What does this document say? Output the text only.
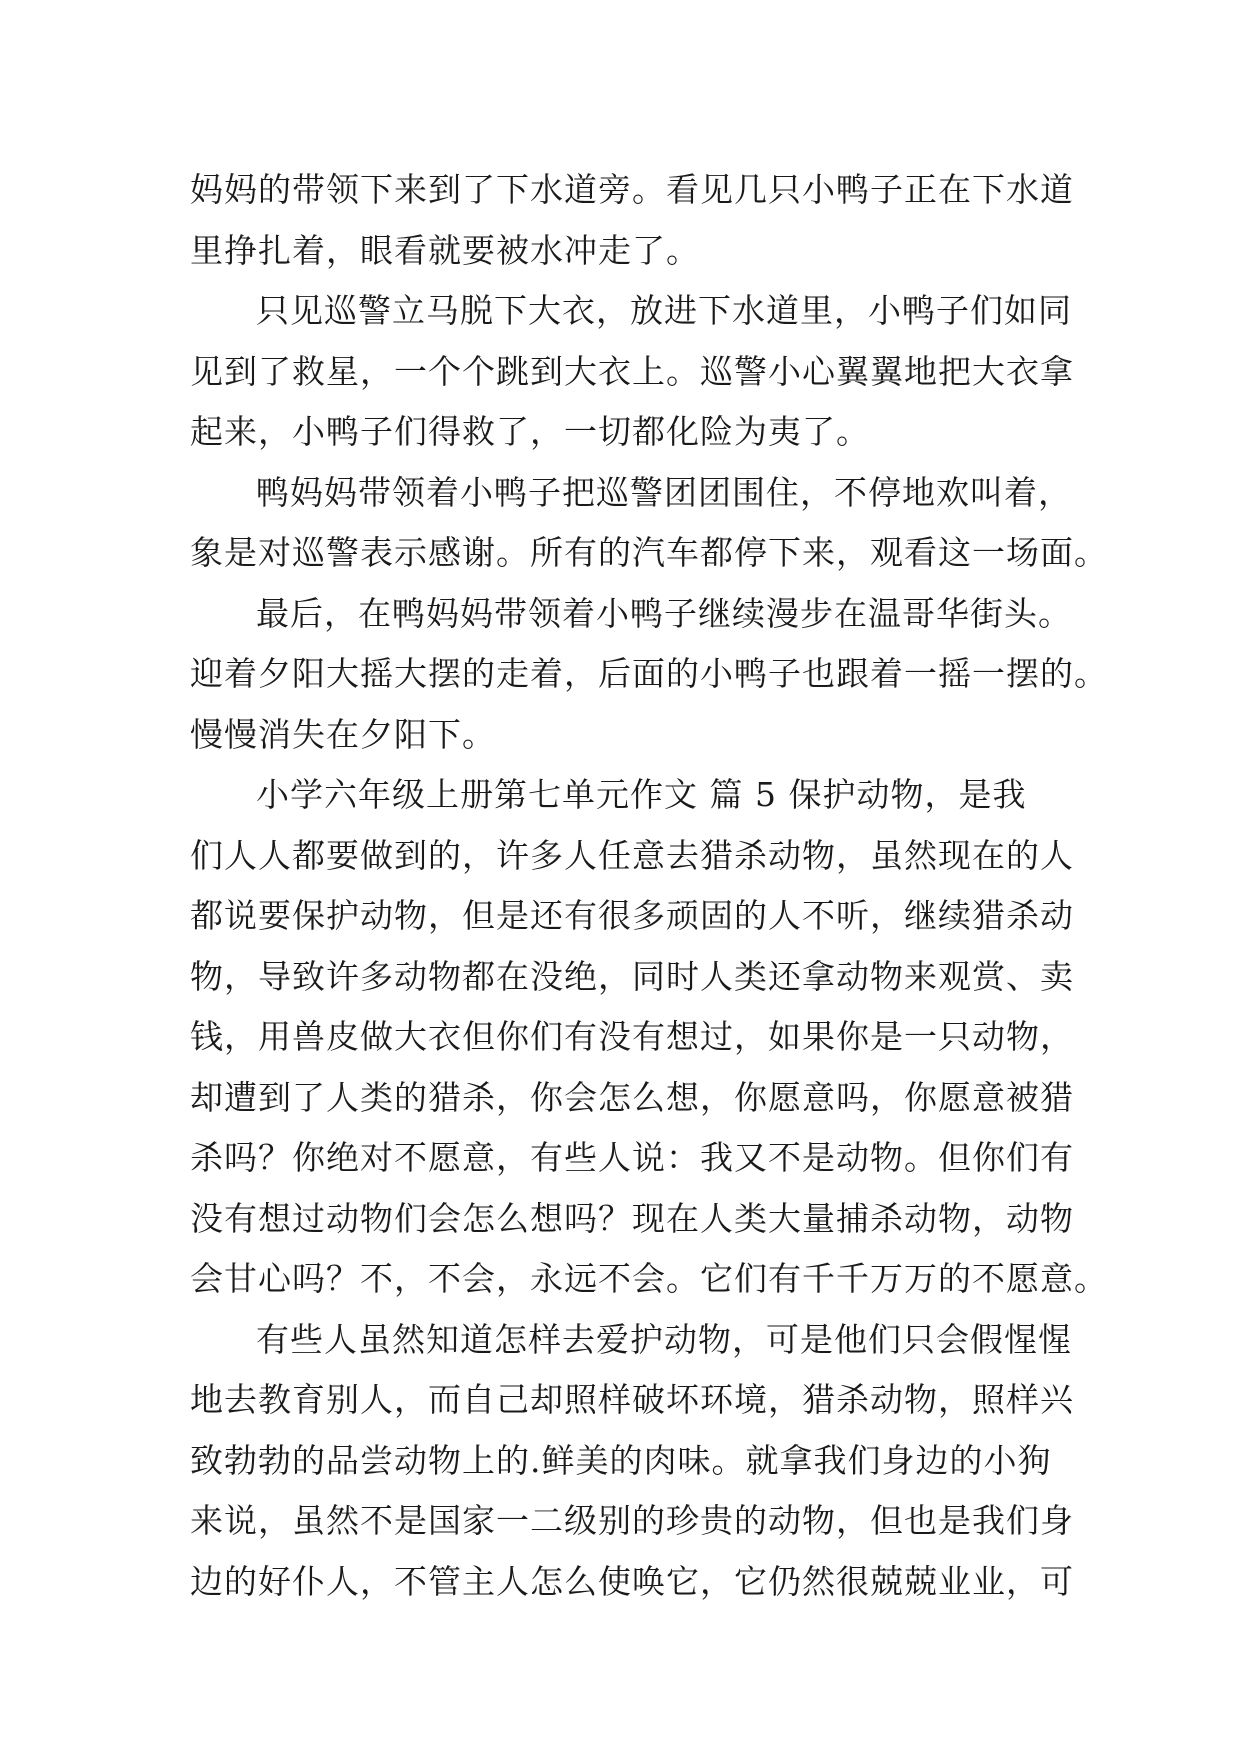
妈妈的带领下来到了下水道旁。看见几只小鸭子正在下水道
里挣扎着，眼看就要被水冲走了。
只见巡警立马脱下大衣，放进下水道里，小鸭子们如同
见到了救星，一个个跳到大衣上。巡警小心翼翼地把大衣拿
起来，小鸭子们得救了，一切都化险为夷了。
鸭妈妈带领着小鸭子把巡警团团围住，不停地欢叫着，
象是对巡警表示感谢。所有的汽车都停下来，观看这一场面。
最后，在鸭妈妈带领着小鸭子继续漫步在温哥华街头。
迎着夕阳大摇大摆的走着，后面的小鸭子也跟着一摇一摆的。
慢慢消失在夕阳下。
小学六年级上册第七单元作文 篇 5 保护动物，是我
们人人都要做到的，许多人任意去猎杀动物，虽然现在的人
都说要保护动物，但是还有很多顽固的人不听，继续猎杀动
物，导致许多动物都在没绝，同时人类还拿动物来观赏、卖
钱，用兽皮做大衣但你们有没有想过，如果你是一只动物，
却遭到了人类的猎杀，你会怎么想，你愿意吗，你愿意被猎
杀吗？你绝对不愿意，有些人说：我又不是动物。但你们有
没有想过动物们会怎么想吗？现在人类大量捕杀动物，动物
会甘心吗？不，不会，永远不会。它们有千千万万的不愿意。
有些人虽然知道怎样去爱护动物，可是他们只会假惺惺
地去教育别人，而自己却照样破坏环境，猎杀动物，照样兴
致勃勃的品尝动物上的.鲜美的肉味。就拿我们身边的小狗
来说，虽然不是国家一二级别的珍贵的动物，但也是我们身
边的好仆人，不管主人怎么使唤它，它仍然很兢兢业业，可
